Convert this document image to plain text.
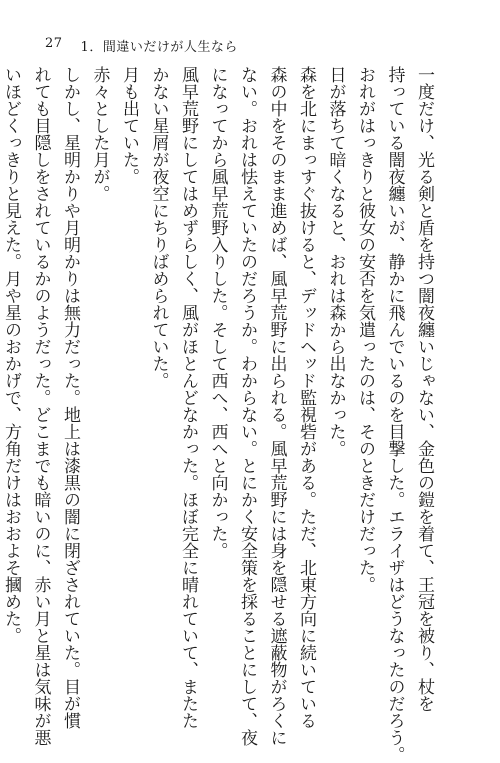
27 1．間違いだけが人生なら

一度だけ、光る剣と盾を持つ闇夜纏いじゃない、金色の鎧を着て、王冠を被り、杖を

持っている闇夜纏いが、静かに飛んでいるのを目撃した。エライザはどうなったのだろう。

おれがはっきりと彼女の安否を気遣ったのは、そのときだけだった。

日が落ちて暗くなると、おれは森から出なかった。

森を北にまっすぐ抜けると、デッドヘッド監視砦がある。ただ、北東方向に続いている

森の中をそのまま進めば、風早荒野に出られる。風早荒野には身を隠せる遮蔽物がろくに

ない。おれは怯えていたのだろうか。わからない。とにかく安全策を採ることにして、夜

になってから風早荒野入りした。そして西へ、西へと向かった。

風早荒野にしてはめずらしく、風がほとんどなかった。ほぼ完全に晴れていて、またた

かない星屑が夜空にちりばめられていた。

月も出ていた。

赤々とした月が。

しかし、星明かりや月明かりは無力だった。地上は漆黒の闇に閉ざされていた。目が慣

れても目隠しをされているかのようだった。どこまでも暗いのに、赤い月と星は気味が悪

いほどくっきりと見えた。月や星のおかげで、方角だけはおおよそ摑めた。
